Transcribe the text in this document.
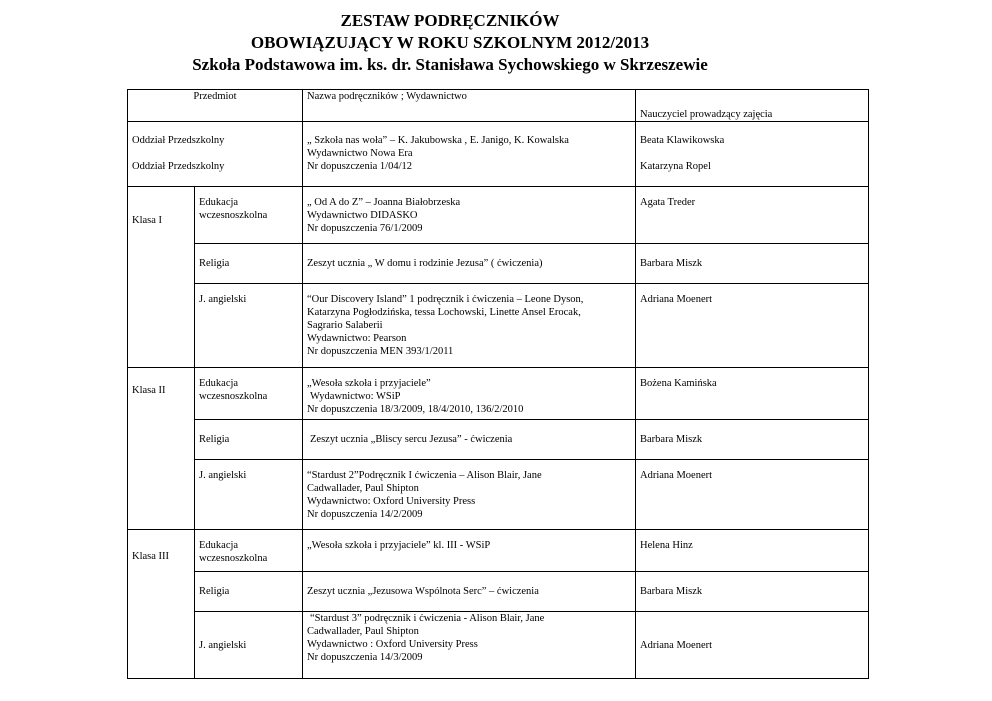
ZESTAW PODRĘCZNIKÓW
OBOWIĄZUJĄCY W ROKU SZKOLNYM 2012/2013
Szkoła Podstawowa im. ks. dr. Stanisława Sychowskiego w Skrzeszewie
Przedmiot		Nazwa podręczników ; Wydawnictwo	Nauczyciel prowadzący zajęcia

Oddział Przedszkolny
Oddział Przedszkolny		„ Szkoła nas woła” – K. Jakubowska , E. Janigo, K. Kowalska
Wydawnictwo Nowa Era
Nr dopuszczenia 1/04/12	Beata Klawikowska
Katarzyna Ropel

Klasa I	Edukacja
wczesnoszkolna	„ Od A do Z” – Joanna Białobrzeska
Wydawnictwo DIDASKO
Nr dopuszczenia 76/1/2009	Agata Treder

	Religia	Zeszyt ucznia „ W domu i rodzinie Jezusa” ( ćwiczenia)	Barbara Miszk

	J. angielski	“Our Discovery Island” 1 podręcznik i ćwiczenia – Leone Dyson,
Katarzyna Pogłodzińska, tessa Lochowski, Linette Ansel Erocak,
Sagrario Salaberii
Wydawnictwo: Pearson
Nr dopuszczenia MEN 393/1/2011	Adriana Moenert

Klasa II	Edukacja
wczesnoszkolna	„Wesoła szkoła i przyjaciele”
Wydawnictwo: WSiP
Nr dopuszczenia 18/3/2009, 18/4/2010, 136/2/2010	Bożena Kamińska

	Religia	Zeszyt ucznia „Bliscy sercu Jezusa” - ćwiczenia	Barbara Miszk

	J. angielski	“Stardust 2”Podręcznik I ćwiczenia – Alison Blair, Jane
Cadwallader, Paul Shipton
Wydawnictwo: Oxford University Press
Nr dopuszczenia 14/2/2009	Adriana Moenert

Klasa III	Edukacja
wczesnoszkolna	„Wesoła szkoła i przyjaciele” kl. III - WSiP	Helena Hinz

	Religia	Zeszyt ucznia „Jezusowa Wspólnota Serc” – ćwiczenia	Barbara Miszk

	J. angielski	“Stardust 3” podręcznik i ćwiczenia - Alison Blair, Jane
Cadwallader, Paul Shipton
Wydawnictwo : Oxford University Press
Nr dopuszczenia 14/3/2009	Adriana Moenert
